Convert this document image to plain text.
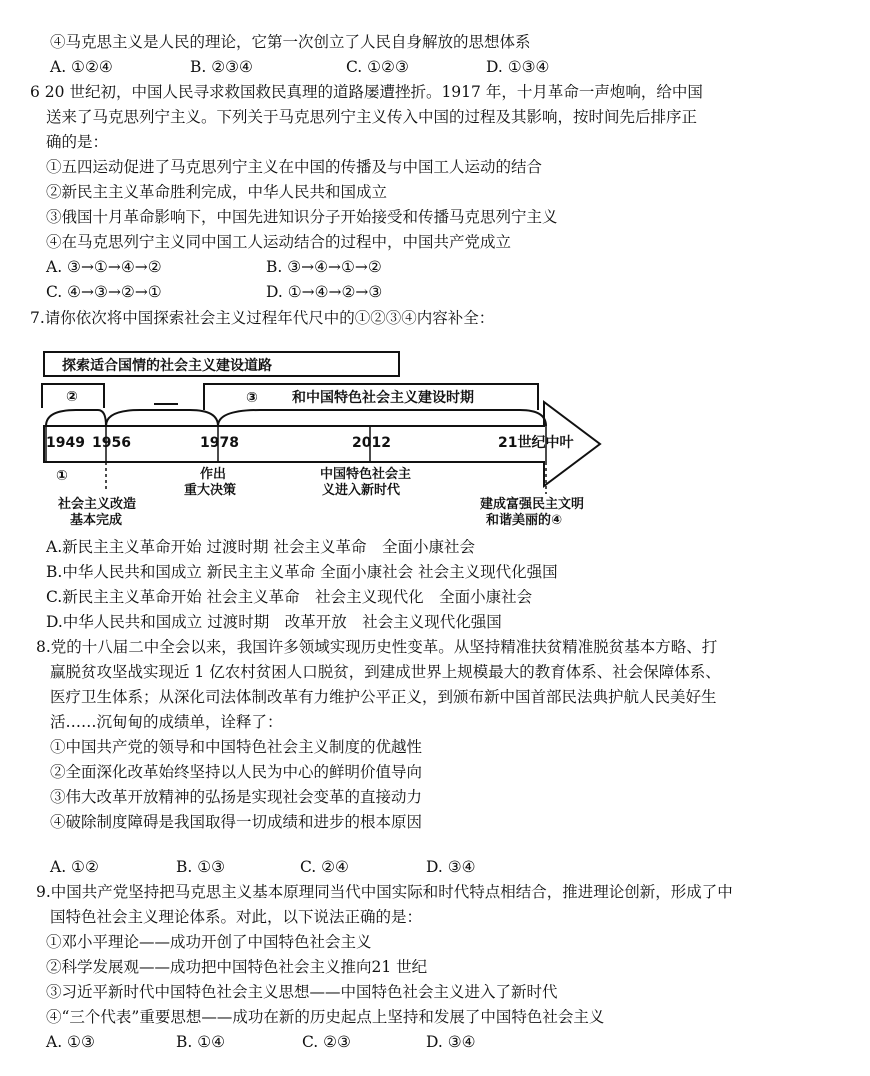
④马克思主义是人民的理论，它第一次创立了人民自身解放的思想体系
A. ①②④	B. ②③④	C. ①②③	D. ①③④
6 20 世纪初，中国人民寻求救国救民真理的道路屡遭挫折。1917 年，十月革命一声炮响，给中国
送来了马克思列宁主义。下列关于马克思列宁主义传入中国的过程及其影响，按时间先后排序正
确的是：
①五四运动促进了马克思列宁主义在中国的传播及与中国工人运动的结合
②新民主主义革命胜利完成，中华人民共和国成立
③俄国十月革命影响下，中国先进知识分子开始接受和传播马克思列宁主义
④在马克思列宁主义同中国工人运动结合的过程中，中国共产党成立
A. ③→①→④→②	B. ③→④→①→②
C. ④→③→②→①	D. ①→④→②→③
7.请你依次将中国探索社会主义过程年代尺中的①②③④内容补全：
探索适合国情的社会主义建设道路
②	③ 和中国特色社会主义建设时期
1949 1956	1978	2012	21世纪中叶
①
社会主义改造
基本完成
作出
重大决策
中国特色社会主
义进入新时代
建成富强民主文明
和谐美丽的④
A.新民主主义革命开始 过渡时期 社会主义革命　全面小康社会
B.中华人民共和国成立 新民主主义革命 全面小康社会 社会主义现代化强国
C.新民主主义革命开始 社会主义革命　社会主义现代化　全面小康社会
D.中华人民共和国成立 过渡时期　改革开放　社会主义现代化强国
8.党的十八届二中全会以来，我国许多领域实现历史性变革。从坚持精准扶贫精准脱贫基本方略、打
赢脱贫攻坚战实现近 1 亿农村贫困人口脱贫，到建成世界上规模最大的教育体系、社会保障体系、
医疗卫生体系；从深化司法体制改革有力维护公平正义，到颁布新中国首部民法典护航人民美好生
活……沉甸甸的成绩单，诠释了：
①中国共产党的领导和中国特色社会主义制度的优越性
②全面深化改革始终坚持以人民为中心的鲜明价值导向
③伟大改革开放精神的弘扬是实现社会变革的直接动力
④破除制度障碍是我国取得一切成绩和进步的根本原因
A. ①②	B. ①③	C. ②④	D. ③④
9.中国共产党坚持把马克思主义基本原理同当代中国实际和时代特点相结合，推进理论创新，形成了中
国特色社会主义理论体系。对此，以下说法正确的是：
①邓小平理论——成功开创了中国特色社会主义
②科学发展观——成功把中国特色社会主义推向21 世纪
③习近平新时代中国特色社会主义思想——中国特色社会主义进入了新时代
④“三个代表”重要思想——成功在新的历史起点上坚持和发展了中国特色社会主义
A. ①③	B. ①④	C. ②③	D. ③④
